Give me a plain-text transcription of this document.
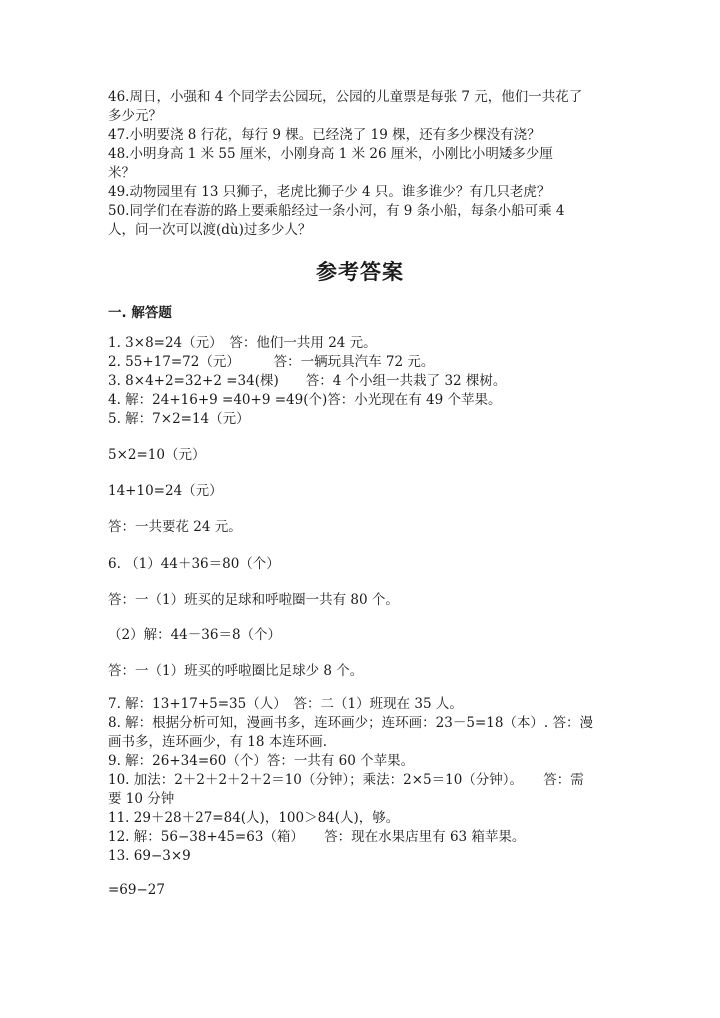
46.周日，小强和 4 个同学去公园玩，公园的儿童票是每张 7 元，他们一共花了
多少元？
47.小明要浇 8 行花，每行 9 棵。已经浇了 19 棵，还有多少棵没有浇？
48.小明身高 1 米 55 厘米，小刚身高 1 米 26 厘米，小刚比小明矮多少厘
米？
49.动物园里有 13 只狮子，老虎比狮子少 4 只。谁多谁少？有几只老虎？
50.同学们在春游的路上要乘船经过一条小河，有 9 条小船，每条小船可乘 4
人，问一次可以渡(dù)过多少人？
参考答案
一. 解答题
1. 3×8=24（元）　答：他们一共用 24 元。
2. 55+17=72（元）　　　答：一辆玩具汽车 72 元。
3. 8×4+2=32+2 =34(棵)　　答：4 个小组一共栽了 32 棵树。
4. 解：24+16+9 =40+9 =49(个)答：小光现在有 49 个苹果。
5. 解：7×2=14（元）
5×2=10（元）
14+10=24（元）
答：一共要花 24 元。
6. （1）44＋36＝80（个）
答：一（1）班买的足球和呼啦圈一共有 80 个。
（2）解：44－36＝8（个）
答：一（1）班买的呼啦圈比足球少 8 个。
7. 解：13+17+5=35（人）　答：二（1）班现在 35 人。
8. 解：根据分析可知，漫画书多，连环画少；连环画：23－5=18（本）. 答：漫
画书多，连环画少，有 18 本连环画.
9. 解：26+34=60（个）答：一共有 60 个苹果。
10. 加法：2＋2＋2＋2＋2＝10（分钟）；乘法：2×5＝10（分钟）。　　答：需
要 10 分钟
11. 29＋28＋27=84(人)，100＞84(人)，够。
12. 解：56−38+45=63（箱）　　答：现在水果店里有 63 箱苹果。
13. 69−3×9
=69−27
